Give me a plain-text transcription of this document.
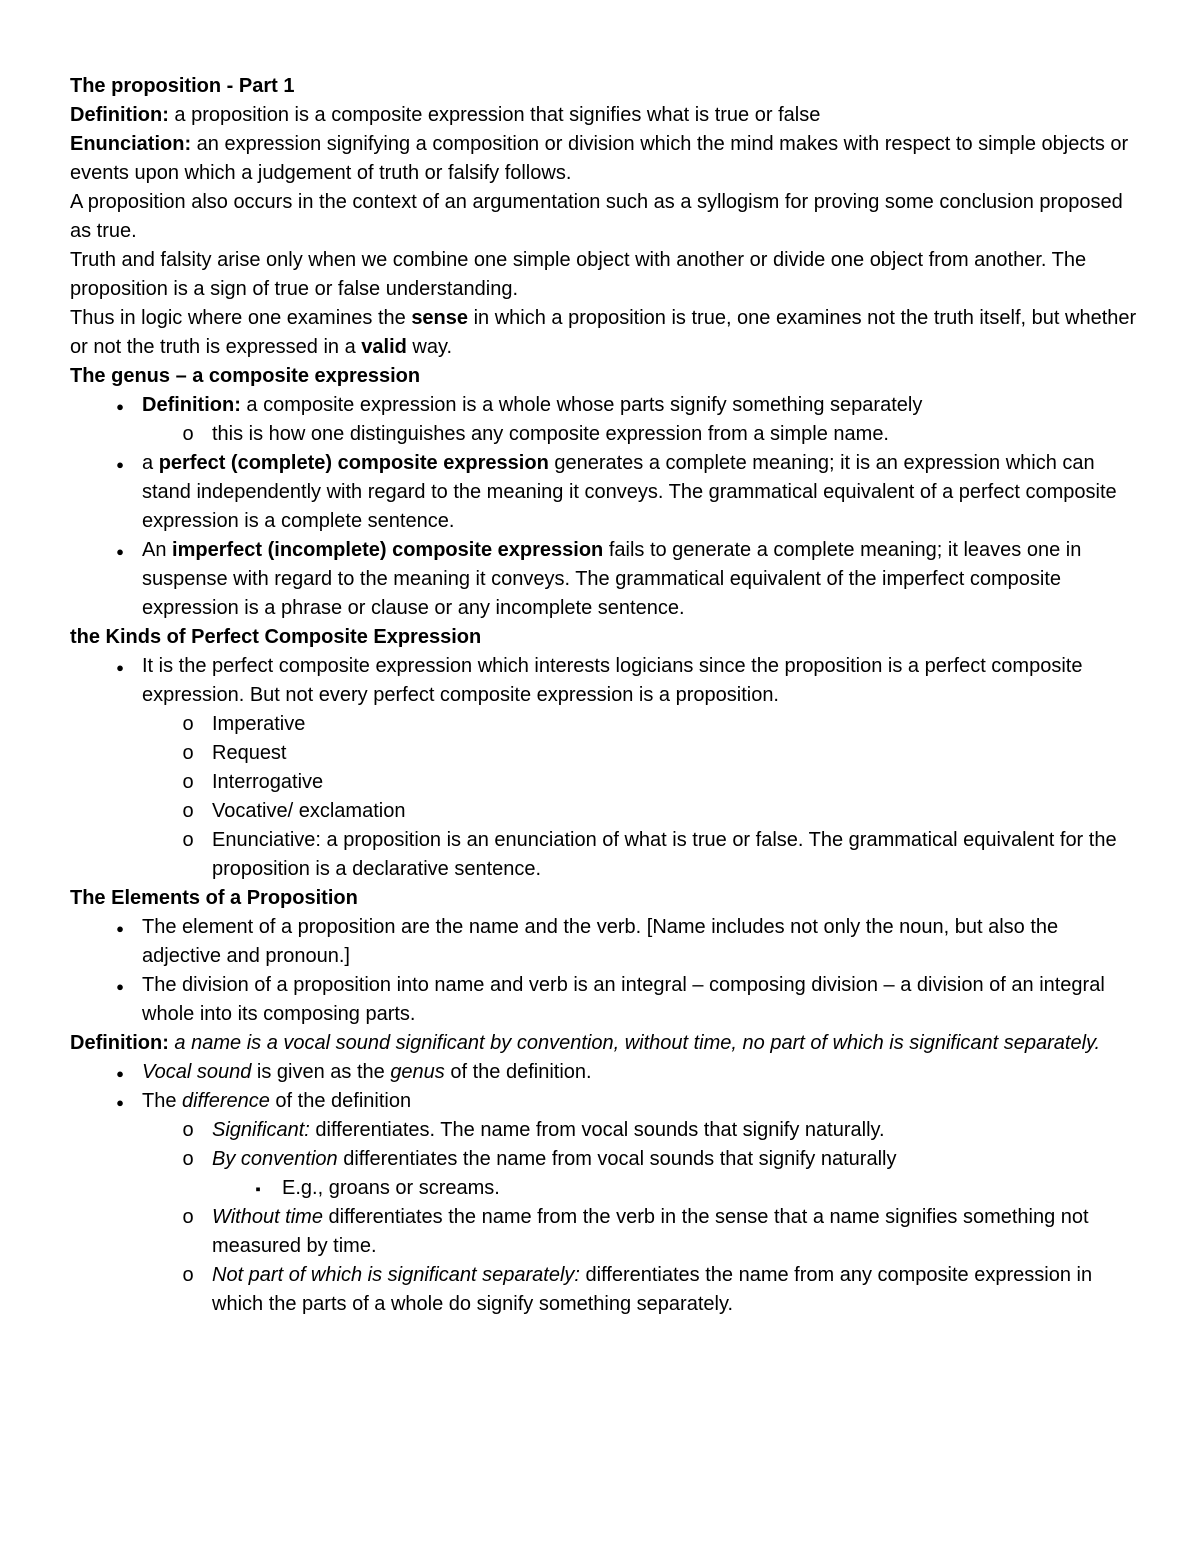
The proposition - Part 1

Definition: a proposition is a composite expression that signifies what is true or false

Enunciation: an expression signifying a composition or division which the mind makes with respect to simple objects or events upon which a judgement of truth or falsify follows.

A proposition also occurs in the context of an argumentation such as a syllogism for proving some conclusion proposed as true.

Truth and falsity arise only when we combine one simple object with another or divide one object from another. The proposition is a sign of true or false understanding.

Thus in logic where one examines the sense in which a proposition is true, one examines not the truth itself, but whether or not the truth is expressed in a valid way.

The genus – a composite expression

●
Definition: a composite expression is a whole whose parts signify something separately
o
this is how one distinguishes any composite expression from a simple name.
●
a perfect (complete) composite expression generates a complete meaning; it is an expression which can stand independently with regard to the meaning it conveys. The grammatical equivalent of a perfect composite expression is a complete sentence.
●
An imperfect (incomplete) composite expression fails to generate a complete meaning; it leaves one in suspense with regard to the meaning it conveys. The grammatical equivalent of the imperfect composite expression is a phrase or clause or any incomplete sentence.

the Kinds of Perfect Composite Expression

●
It is the perfect composite expression which interests logicians since the proposition is a perfect composite expression. But not every perfect composite expression is a proposition.
o
Imperative
o
Request
o
Interrogative
o
Vocative/ exclamation
o
Enunciative: a proposition is an enunciation of what is true or false. The grammatical equivalent for the proposition is a declarative sentence.

The Elements of a Proposition

●
The element of a proposition are the name and the verb. [Name includes not only the noun, but also the adjective and pronoun.]
●
The division of a proposition into name and verb is an integral – composing division – a division of an integral whole into its composing parts.

Definition: a name is a vocal sound significant by convention, without time, no part of which is significant separately.

●
Vocal sound is given as the genus of the definition.
●
The difference of the definition
o
Significant: differentiates. The name from vocal sounds that signify naturally.
o
By convention differentiates the name from vocal sounds that signify naturally
▪
E.g., groans or screams.
o
Without time differentiates the name from the verb in the sense that a name signifies something not measured by time.
o
Not part of which is significant separately: differentiates the name from any composite expression in which the parts of a whole do signify something separately.
